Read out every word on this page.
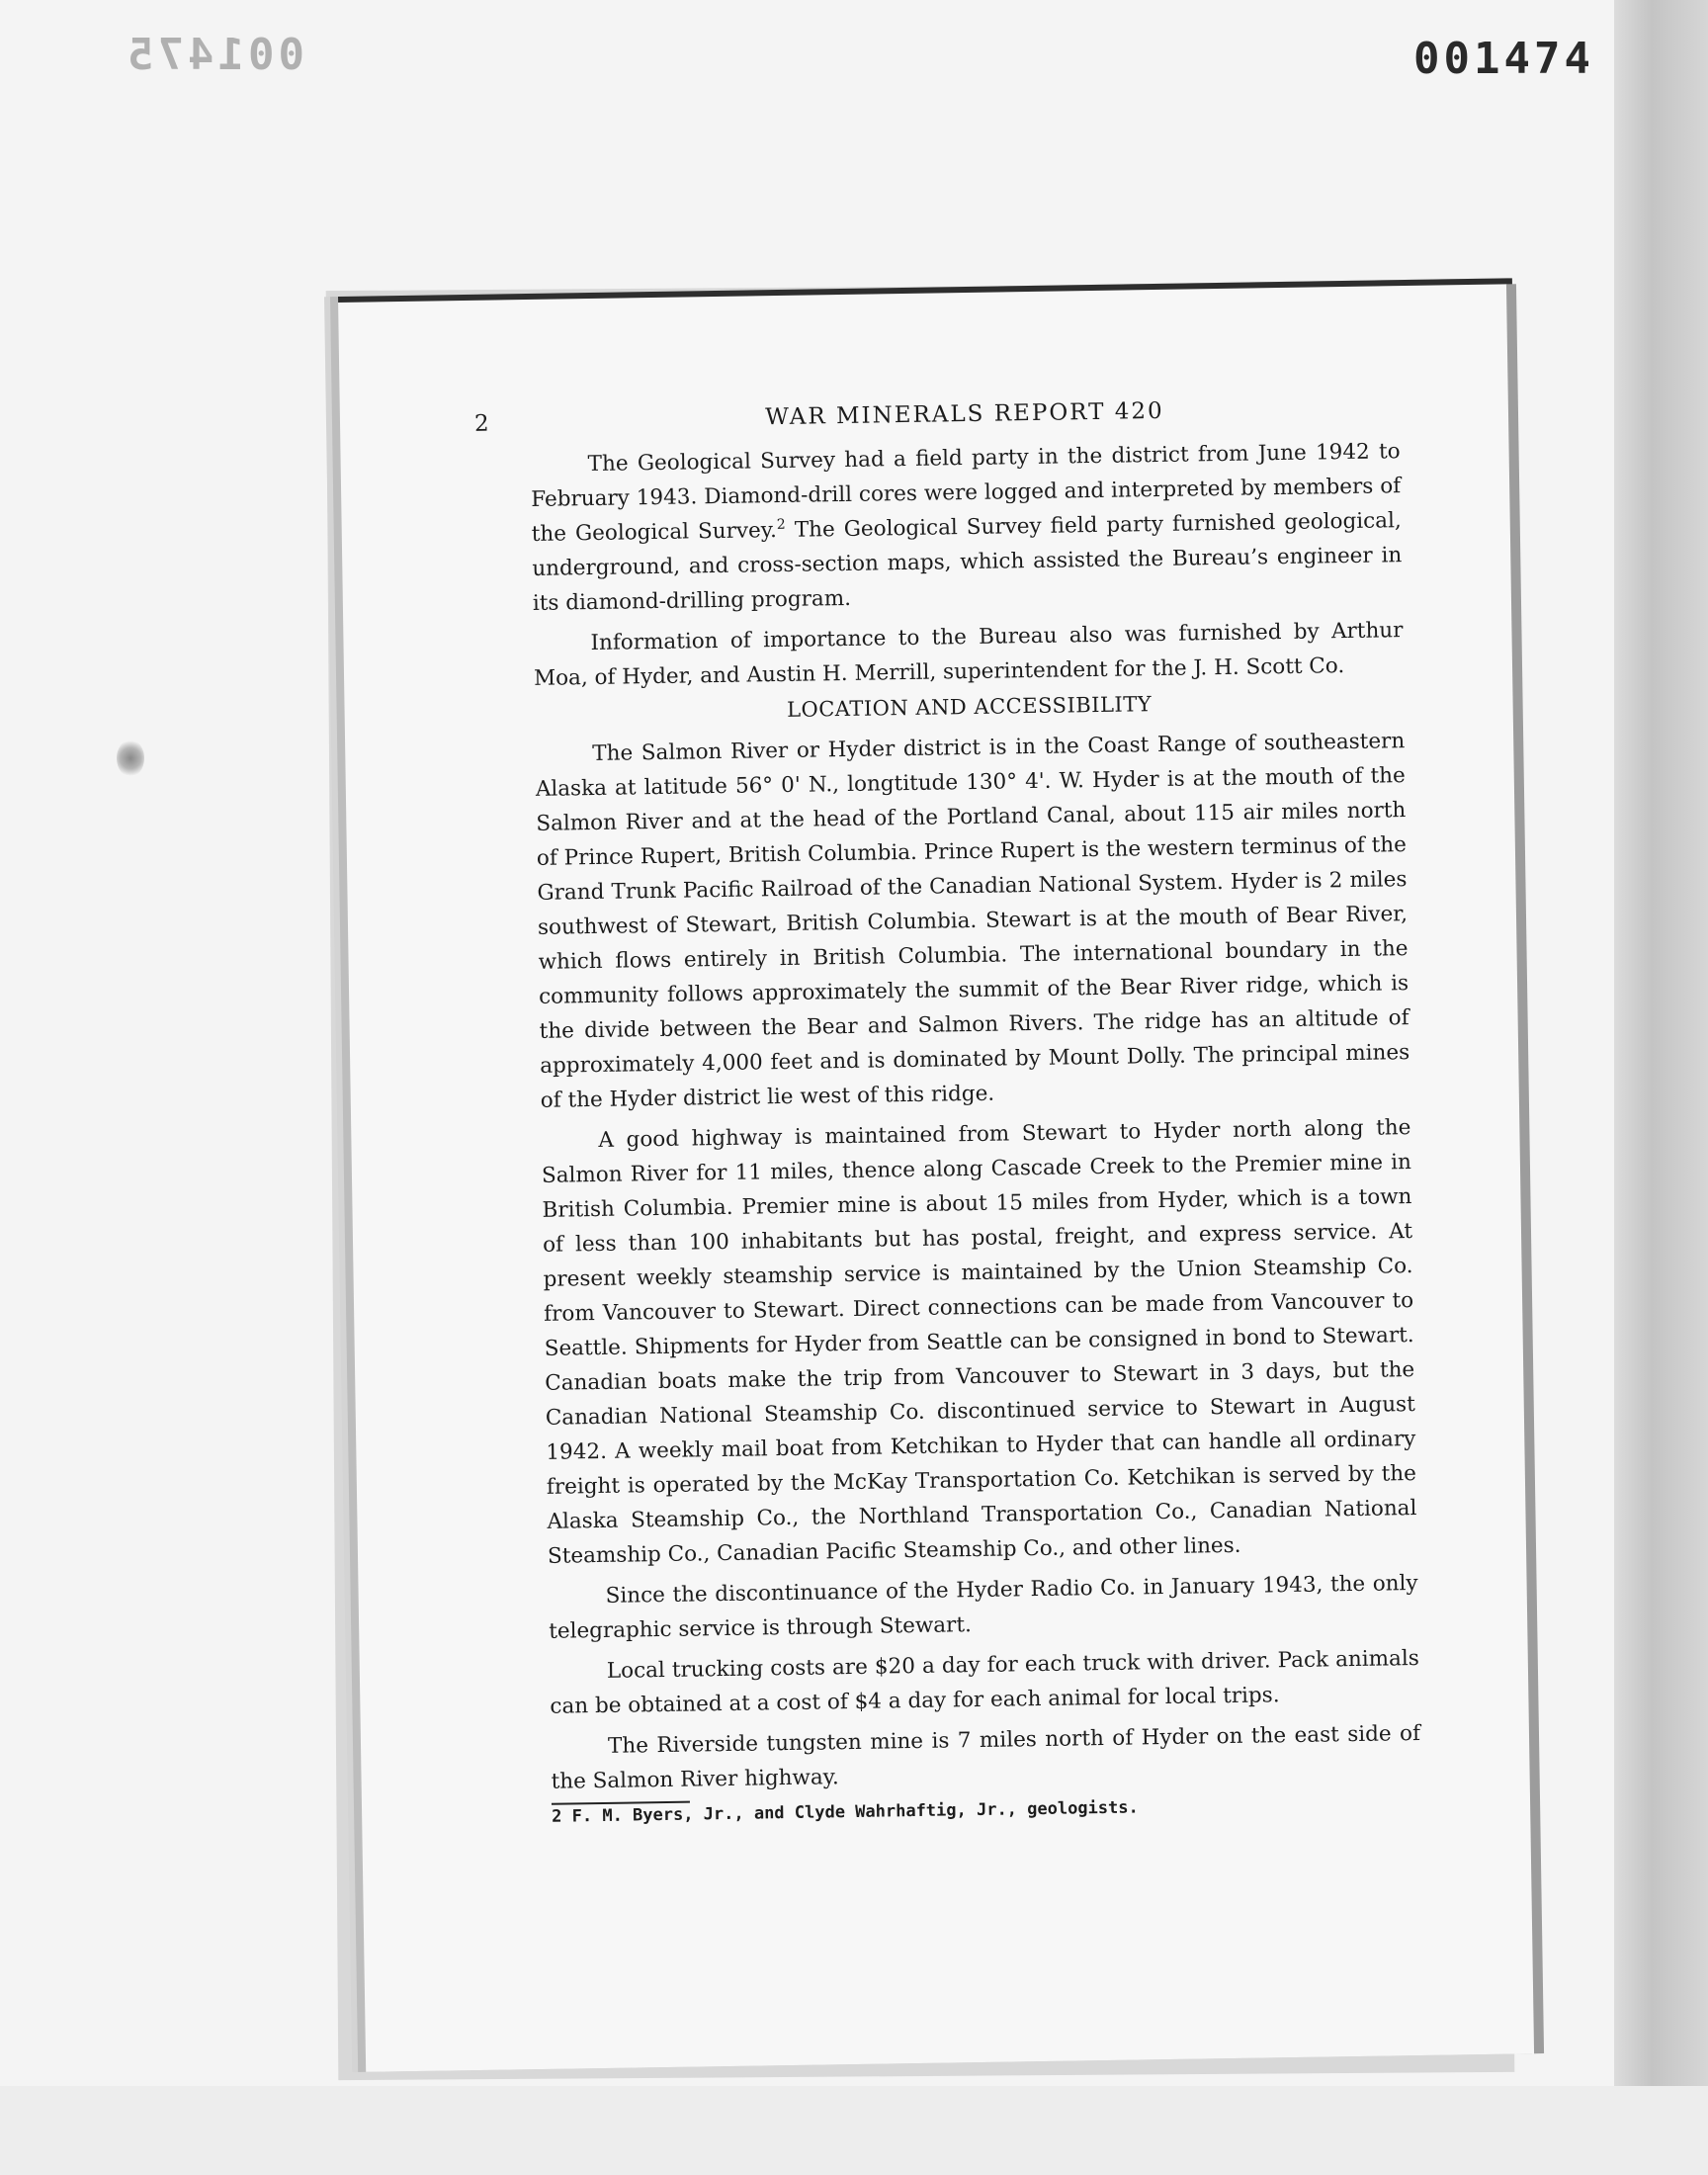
001475	001474
2	WAR MINERALS REPORT 420

The Geological Survey had a field party in the district from June 1942 to February 1943. Diamond-drill cores were logged and interpreted by members of the Geological Survey.$^2$ The Geological Survey field party furnished geological, underground, and cross-section maps, which assisted the Bureau’s engineer in its diamond-drilling program.

Information of importance to the Bureau also was furnished by Arthur Moa, of Hyder, and Austin H. Merrill, superintendent for the J. H. Scott Co.

LOCATION AND ACCESSIBILITY

The Salmon River or Hyder district is in the Coast Range of southeastern Alaska at latitude 56° 0' N., longtitude 130° 4'. W. Hyder is at the mouth of the Salmon River and at the head of the Portland Canal, about 115 air miles north of Prince Rupert, British Columbia. Prince Rupert is the western terminus of the Grand Trunk Pacific Railroad of the Canadian National System. Hyder is 2 miles southwest of Stewart, British Columbia. Stewart is at the mouth of Bear River, which flows entirely in British Columbia. The international boundary in the community follows approximately the summit of the Bear River ridge, which is the divide between the Bear and Salmon Rivers. The ridge has an altitude of approximately 4,000 feet and is dominated by Mount Dolly. The principal mines of the Hyder district lie west of this ridge.

A good highway is maintained from Stewart to Hyder north along the Salmon River for 11 miles, thence along Cascade Creek to the Premier mine in British Columbia. Premier mine is about 15 miles from Hyder, which is a town of less than 100 inhabitants but has postal, freight, and express service. At present weekly steamship service is maintained by the Union Steamship Co. from Vancouver to Stewart. Direct connections can be made from Vancouver to Seattle. Shipments for Hyder from Seattle can be consigned in bond to Stewart. Canadian boats make the trip from Vancouver to Stewart in 3 days, but the Canadian National Steamship Co. discontinued service to Stewart in August 1942. A weekly mail boat from Ketchikan to Hyder that can handle all ordinary freight is operated by the McKay Transportation Co. Ketchikan is served by the Alaska Steamship Co., the Northland Transportation Co., Canadian National Steamship Co., Canadian Pacific Steamship Co., and other lines.

Since the discontinuance of the Hyder Radio Co. in January 1943, the only telegraphic service is through Stewart.

Local trucking costs are $20 a day for each truck with driver. Pack animals can be obtained at a cost of $4 a day for each animal for local trips.

The Riverside tungsten mine is 7 miles north of Hyder on the east side of the Salmon River highway.

2 F. M. Byers, Jr., and Clyde Wahrhaftig, Jr., geologists.
